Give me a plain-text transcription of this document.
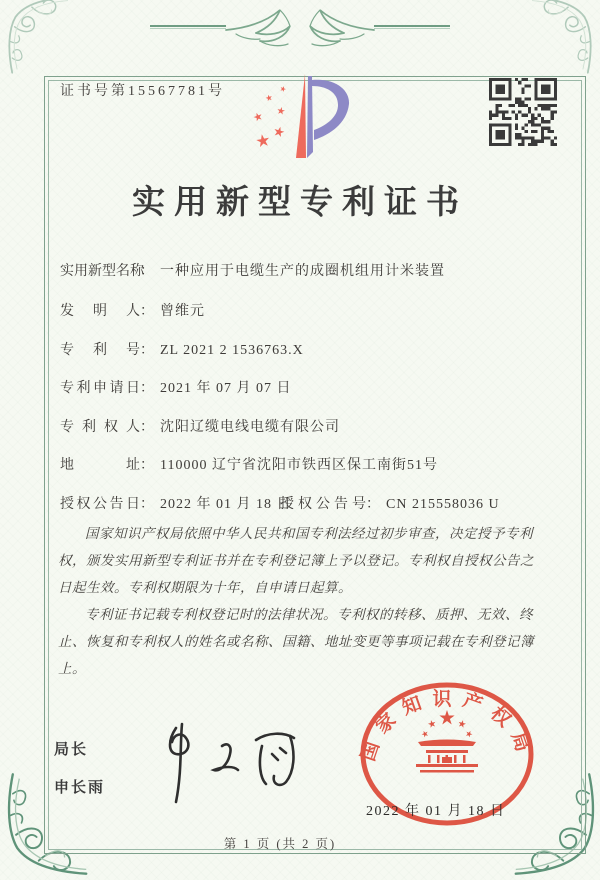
证书号第15567781号
实用新型专利证书
实用新型名称： 一种应用于电缆生产的成圈机组用计米装置
发明人： 曾维元
专利号： ZL 2021 2 1536763.X
专利申请日： 2021 年 07 月 07 日
专利权人： 沈阳辽缆电线电缆有限公司
地址： 110000 辽宁省沈阳市铁西区保工南街51号
授权公告日： 2022 年 01 月 18 日
授权公告号： CN 215558036 U

国家知识产权局依照中华人民共和国专利法经过初步审查，决定授予专利权，颁发实用新型专利证书并在专利登记簿上予以登记。专利权自授权公告之日起生效。专利权期限为十年，自申请日起算。

专利证书记载专利权登记时的法律状况。专利权的转移、质押、无效、终止、恢复和专利权人的姓名或名称、国籍、地址变更等事项记载在专利登记簿上。

局长
申长雨
国家知识产权局
2022 年 01 月 18 日
第 1 页 (共 2 页)
